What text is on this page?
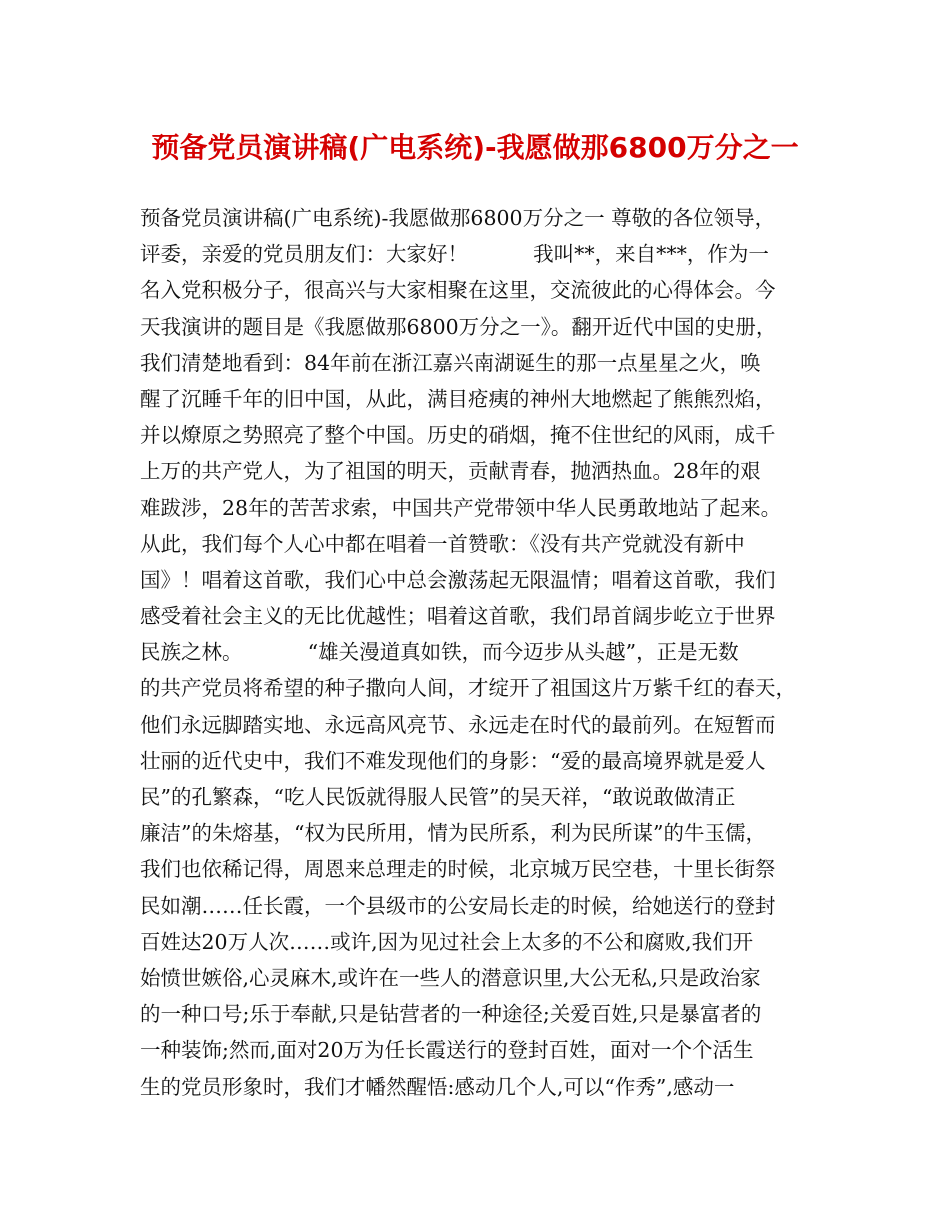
预备党员演讲稿(广电系统)-我愿做那6800万分之一
预备党员演讲稿(广电系统)-我愿做那6800万分之一 尊敬的各位领导，
评委，亲爱的党员朋友们：大家好！          我叫**，来自***，作为一
名入党积极分子，很高兴与大家相聚在这里，交流彼此的心得体会。今
天我演讲的题目是《我愿做那6800万分之一》。翻开近代中国的史册，
我们清楚地看到：84年前在浙江嘉兴南湖诞生的那一点星星之火，唤
醒了沉睡千年的旧中国，从此，满目疮痍的神州大地燃起了熊熊烈焰，
并以燎原之势照亮了整个中国。历史的硝烟，掩不住世纪的风雨，成千
上万的共产党人，为了祖国的明天，贡献青春，抛洒热血。28年的艰
难跋涉，28年的苦苦求索，中国共产党带领中华人民勇敢地站了起来。
从此，我们每个人心中都在唱着一首赞歌：《没有共产党就没有新中
国》！唱着这首歌，我们心中总会激荡起无限温情；唱着这首歌，我们
感受着社会主义的无比优越性；唱着这首歌，我们昂首阔步屹立于世界
民族之林。          “雄关漫道真如铁，而今迈步从头越”，正是无数
的共产党员将希望的种子撒向人间，才绽开了祖国这片万紫千红的春天，
他们永远脚踏实地、永远高风亮节、永远走在时代的最前列。在短暂而
壮丽的近代史中，我们不难发现他们的身影：“爱的最高境界就是爱人
民”的孔繁森，“吃人民饭就得服人民管”的吴天祥，“敢说敢做清正
廉洁”的朱熔基，“权为民所用，情为民所系，利为民所谋”的牛玉儒，
我们也依稀记得，周恩来总理走的时候，北京城万民空巷，十里长街祭
民如潮……任长霞，一个县级市的公安局长走的时候，给她送行的登封
百姓达20万人次……或许,因为见过社会上太多的不公和腐败,我们开
始愤世嫉俗,心灵麻木,或许在一些人的潜意识里,大公无私,只是政治家
的一种口号;乐于奉献,只是钻营者的一种途径;关爱百姓,只是暴富者的
一种装饰;然而,面对20万为任长霞送行的登封百姓，面对一个个活生
生的党员形象时，我们才幡然醒悟:感动几个人,可以“作秀”,感动一
